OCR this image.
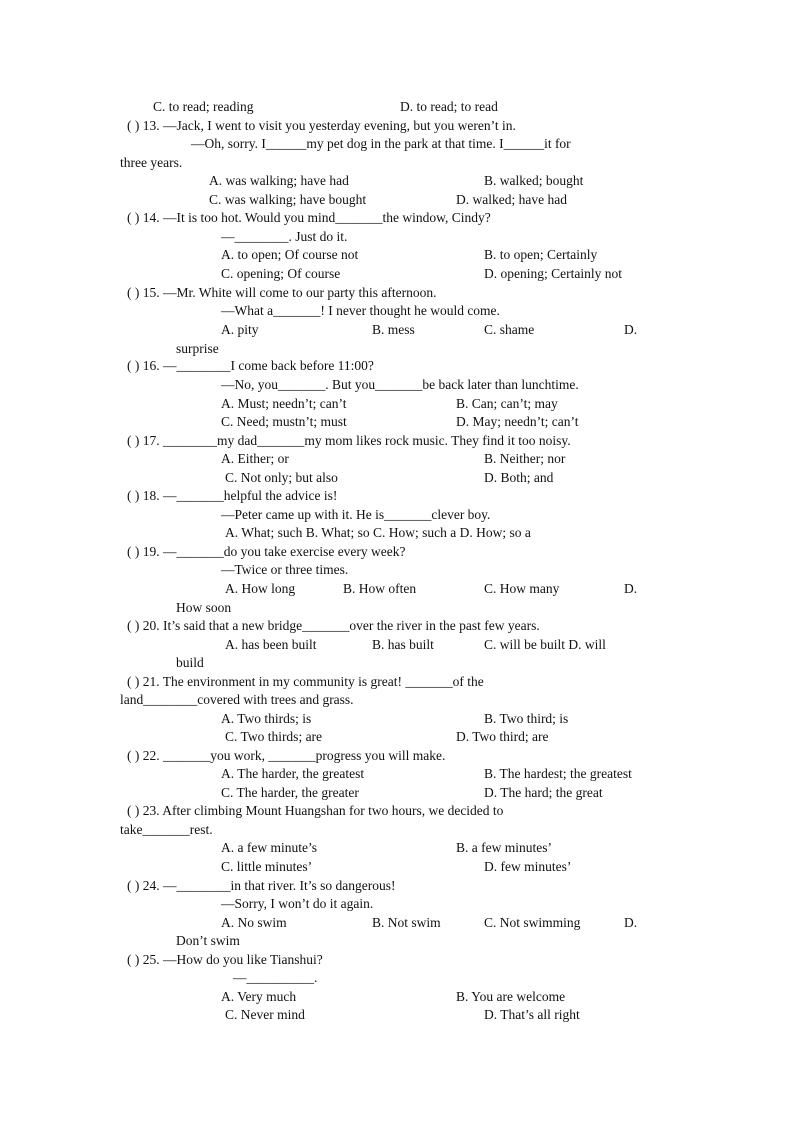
C. to read; reading	D. to read; to read
( ) 13. —Jack, I went to visit you yesterday evening, but you weren’t in.
—Oh, sorry. I______my pet dog in the park at that time. I______it for
three years.
A. was walking; have had	B. walked; bought
C. was walking; have bought	D. walked; have had
( ) 14. —It is too hot. Would you mind_______the window, Cindy?
—________. Just do it.
A. to open; Of course not	B. to open; Certainly
C. opening; Of course	D. opening; Certainly not
( ) 15. —Mr. White will come to our party this afternoon.
—What a_______! I never thought he would come.
A. pity	B. mess	C. shame	D.
surprise
( ) 16. —________I come back before 11:00?
—No, you_______. But you_______be back later than lunchtime.
A. Must; needn’t; can’t	B. Can; can’t; may
C. Need; mustn’t; must	D. May; needn’t; can’t
( ) 17. ________my dad_______my mom likes rock music. They find it too noisy.
A. Either; or	B. Neither; nor
C. Not only; but also	D. Both; and
( ) 18. —_______helpful the advice is!
—Peter came up with it. He is_______clever boy.
A. What; such B. What; so C. How; such a D. How; so a
( ) 19. —_______do you take exercise every week?
—Twice or three times.
A. How long	B. How often	C. How many	D.
How soon
( ) 20. It’s said that a new bridge_______over the river in the past few years.
A. has been built	B. has built	C. will be built D. will
build
( ) 21. The environment in my community is great! _______of the
land________covered with trees and grass.
A. Two thirds; is	B. Two third; is
C. Two thirds; are	D. Two third; are
( ) 22. _______you work, _______progress you will make.
A. The harder, the greatest	B. The hardest; the greatest
C. The harder, the greater	D. The hard; the great
( ) 23. After climbing Mount Huangshan for two hours, we decided to
take_______rest.
A. a few minute’s	B. a few minutes’
C. little minutes’	D. few minutes’
( ) 24. —________in that river. It’s so dangerous!
—Sorry, I won’t do it again.
A. No swim	B. Not swim	C. Not swimming	D.
Don’t swim
( ) 25. —How do you like Tianshui?
—__________.
A. Very much	B. You are welcome
C. Never mind	D. That’s all right
